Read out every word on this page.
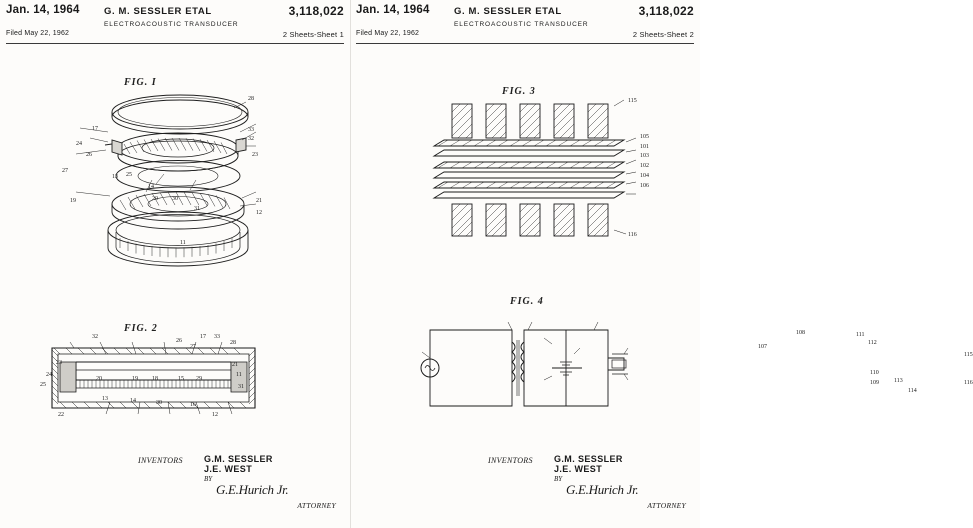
Jan. 14, 1964	G. M. SESSLER ETAL	3,118,022
ELECTROACOUSTIC TRANSDUCER
Filed May 22, 1962	2 Sheets-Sheet 1
FIG. I
28
17	33
32
24
23
27
26
25
13
19
14
20 30
31
21
12
11
FIG. 2
23
24
25
32	17 33
28
26
27
20	19 18	15 29
21
11
31
13	14	30	16
12
22
INVENTORS G.M. SESSLER
J.E. WEST
BY
G.E.Hurich Jr.
ATTORNEY
Jan. 14, 1964	G. M. SESSLER ETAL	3,118,022
ELECTROACOUSTIC TRANSDUCER
Filed May 22, 1962	2 Sheets-Sheet 2
FIG. 3
115
105
101
103
102
104
106
116
FIG. 4
107
108	111
112
110
109	113
114
115
116
INVENTORS G.M. SESSLER
J.E. WEST
BY
G.E.Hurich Jr.
ATTORNEY
